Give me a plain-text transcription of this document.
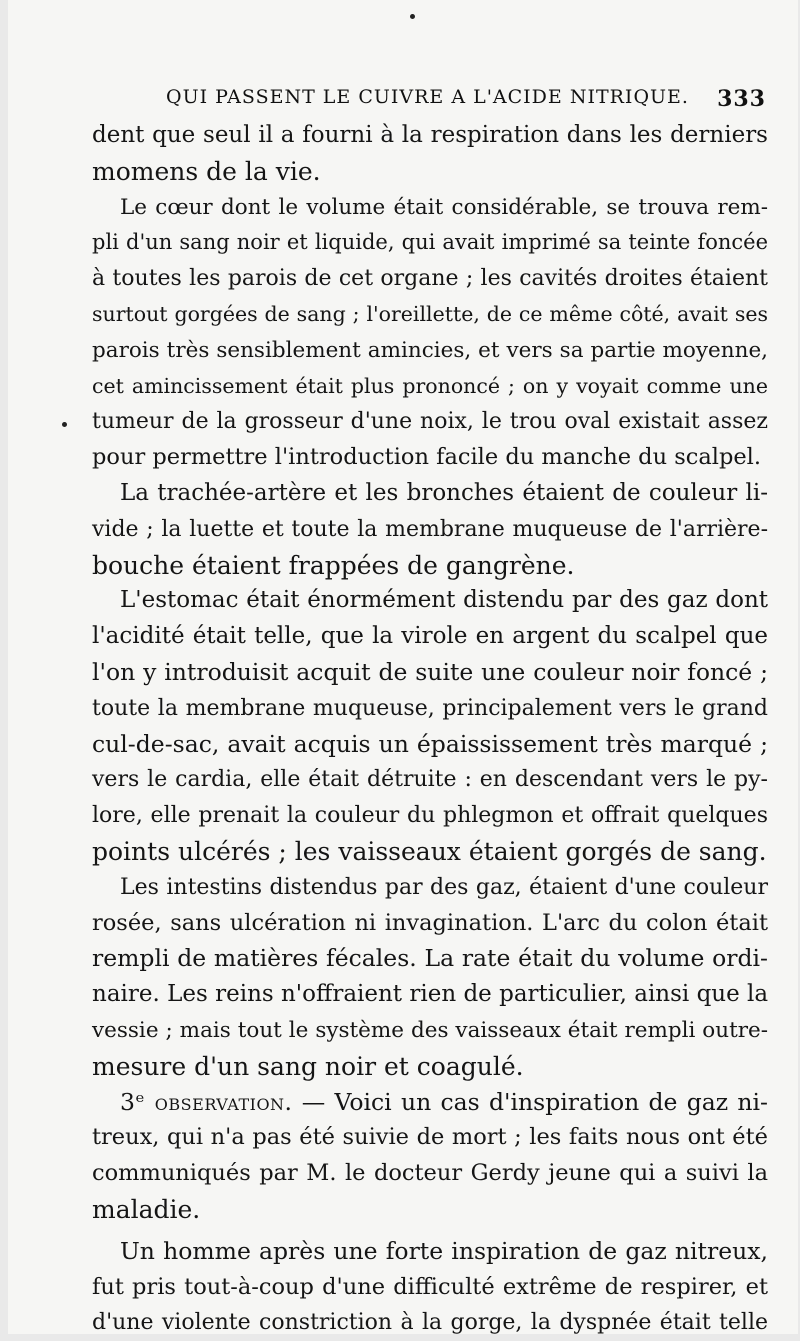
QUI PASSENT LE CUIVRE A L'ACIDE NITRIQUE. 333
dent que seul il a fourni à la respiration dans les derniers
momens de la vie.
Le cœur dont le volume était considérable, se trouva rem-
pli d'un sang noir et liquide, qui avait imprimé sa teinte foncée
à toutes les parois de cet organe ; les cavités droites étaient
surtout gorgées de sang ; l'oreillette, de ce même côté, avait ses
parois très sensiblement amincies, et vers sa partie moyenne,
cet amincissement était plus prononcé ; on y voyait comme une
tumeur de la grosseur d'une noix, le trou oval existait assez
pour permettre l'introduction facile du manche du scalpel.
La trachée-artère et les bronches étaient de couleur li-
vide ; la luette et toute la membrane muqueuse de l'arrière-
bouche étaient frappées de gangrène.
L'estomac était énormément distendu par des gaz dont
l'acidité était telle, que la virole en argent du scalpel que
l'on y introduisit acquit de suite une couleur noir foncé ;
toute la membrane muqueuse, principalement vers le grand
cul-de-sac, avait acquis un épaississement très marqué ;
vers le cardia, elle était détruite : en descendant vers le py-
lore, elle prenait la couleur du phlegmon et offrait quelques
points ulcérés ; les vaisseaux étaient gorgés de sang.
Les intestins distendus par des gaz, étaient d'une couleur
rosée, sans ulcération ni invagination. L'arc du colon était
rempli de matières fécales. La rate était du volume ordi-
naire. Les reins n'offraient rien de particulier, ainsi que la
vessie ; mais tout le système des vaisseaux était rempli outre-
mesure d'un sang noir et coagulé.
3ᵉ observation. — Voici un cas d'inspiration de gaz ni-
treux, qui n'a pas été suivie de mort ; les faits nous ont été
communiqués par M. le docteur Gerdy jeune qui a suivi la
maladie.
Un homme après une forte inspiration de gaz nitreux,
fut pris tout-à-coup d'une difficulté extrême de respirer, et
d'une violente constriction à la gorge, la dyspnée était telle
